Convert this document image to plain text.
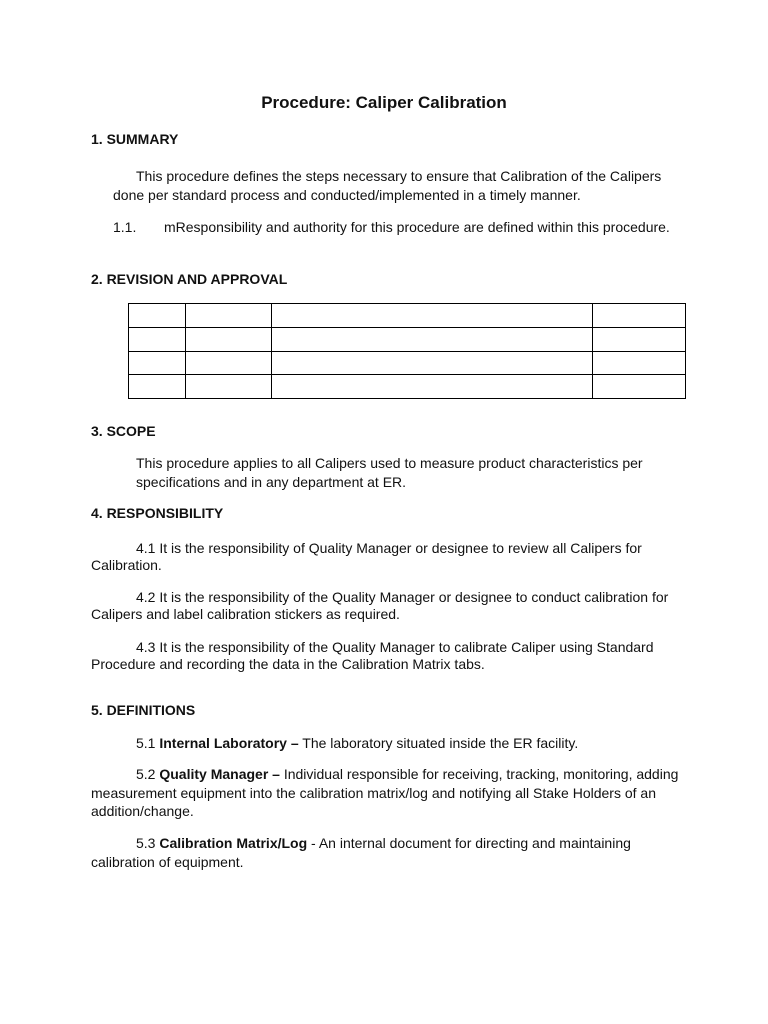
Procedure: Caliper Calibration
1. SUMMARY
This procedure defines the steps necessary to ensure that Calibration of the Calipers
done per standard process and conducted/implemented in a timely manner.
1.1. mResponsibility and authority for this procedure are defined within this procedure.
2. REVISION AND APPROVAL

3. SCOPE
This procedure applies to all Calipers used to measure product characteristics per
specifications and in any department at ER.
4. RESPONSIBILITY
4.1 It is the responsibility of Quality Manager or designee to review all Calipers for
Calibration.
4.2 It is the responsibility of the Quality Manager or designee to conduct calibration for
Calipers and label calibration stickers as required.
4.3 It is the responsibility of the Quality Manager to calibrate Caliper using Standard
Procedure and recording the data in the Calibration Matrix tabs.
5. DEFINITIONS
5.1 Internal Laboratory – The laboratory situated inside the ER facility.
5.2 Quality Manager – Individual responsible for receiving, tracking, monitoring, adding
measurement equipment into the calibration matrix/log and notifying all Stake Holders of an
addition/change.
5.3 Calibration Matrix/Log - An internal document for directing and maintaining
calibration of equipment.
